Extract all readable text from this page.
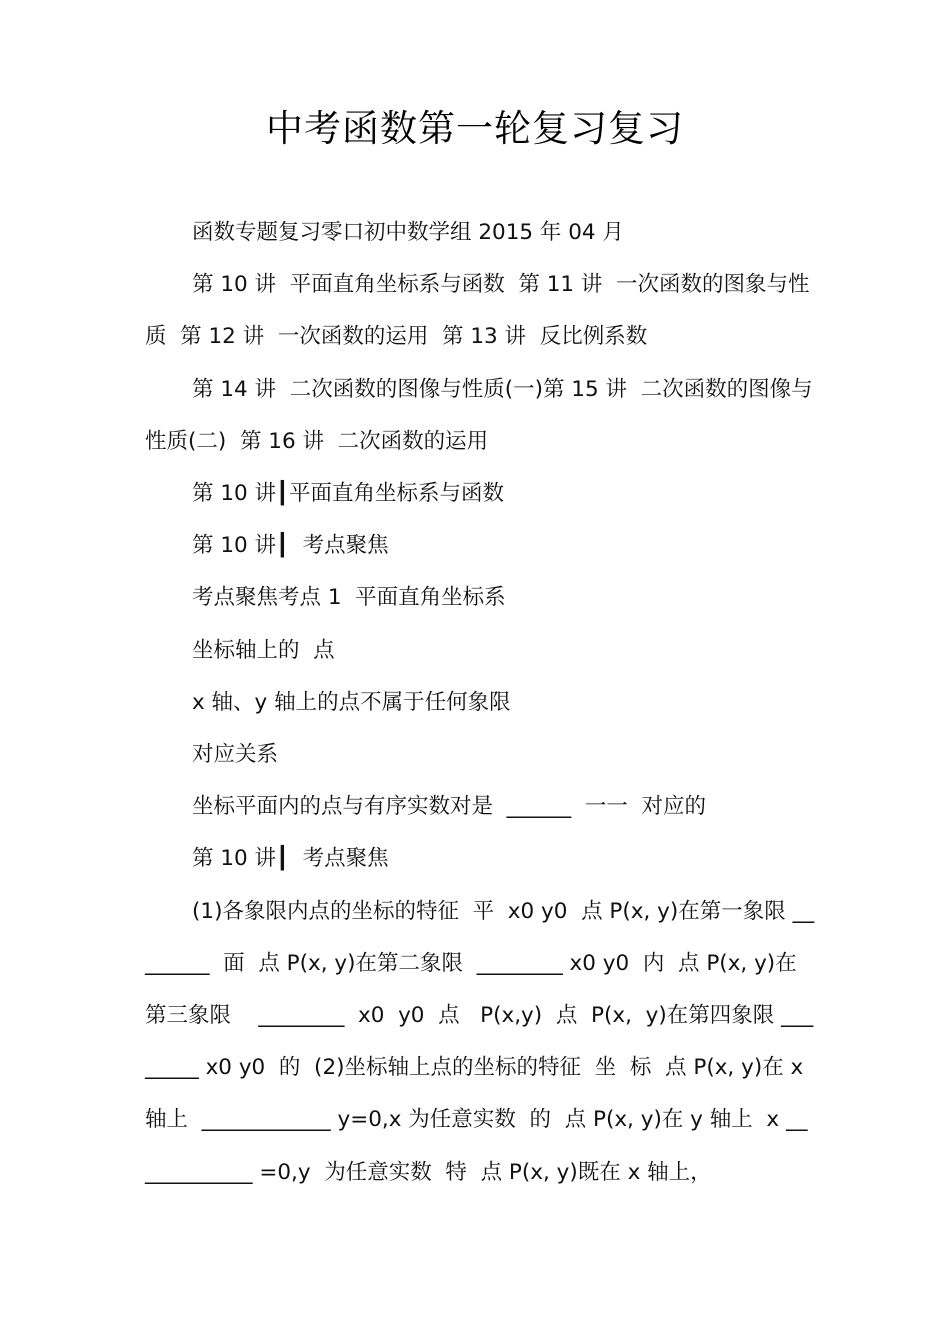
中考函数第一轮复习复习

函数专题复习零口初中数学组 2015 年 04 月

第 10 讲  平面直角坐标系与函数  第 11 讲  一次函数的图象与性质  第 12 讲  一次函数的运用  第 13 讲  反比例系数

第 14 讲  二次函数的图像与性质(一)第 15 讲  二次函数的图像与性质(二)  第 16 讲  二次函数的运用

第 10 讲┃平面直角坐标系与函数

第 10 讲┃  考点聚焦

考点聚焦考点 1  平面直角坐标系

坐标轴上的  点

x 轴、y 轴上的点不属于任何象限

对应关系

坐标平面内的点与有序实数对是  ______  一一  对应的

第 10 讲┃  考点聚焦

(1)各象限内点的坐标的特征  平  x0 y0  点 P(x, y)在第一象限 ________  面  点 P(x, y)在第二象限  ________ x0 y0  内  点 P(x, y)在第三象限    ________  x0  y0  点   P(x,y)  点  P(x,  y)在第四象限 ________ x0 y0  的  (2)坐标轴上点的坐标的特征  坐  标  点 P(x, y)在 x 轴上  ____________ y=0,x 为任意实数  的  点 P(x, y)在 y 轴上  x ____________ =0,y  为任意实数  特  点 P(x, y)既在 x 轴上，
